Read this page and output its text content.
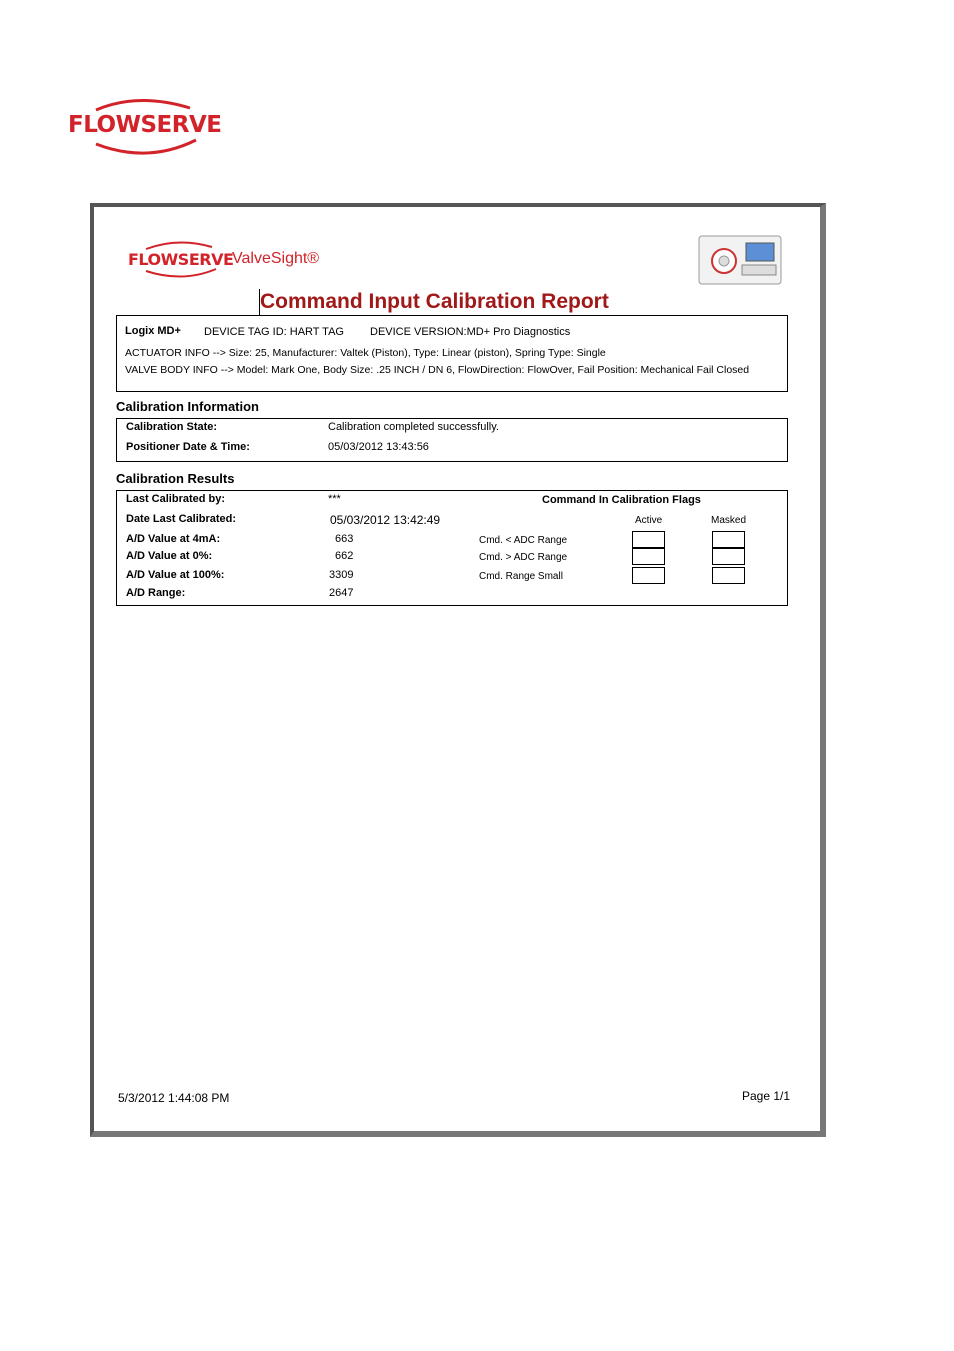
FLOWSERVE
FLOWSERVE
ValveSight®
Command Input Calibration Report
Logix MD+ DEVICE TAG ID: HART TAG DEVICE VERSION:MD+ Pro Diagnostics
ACTUATOR INFO --> Size: 25, Manufacturer: Valtek (Piston), Type: Linear (piston), Spring Type: Single
VALVE BODY INFO --> Model: Mark One, Body Size: .25 INCH / DN 6, FlowDirection: FlowOver, Fail Position: Mechanical Fail Closed
Calibration Information
Calibration State:	Calibration completed successfully.
Positioner Date & Time:	05/03/2012 13:43:56
Calibration Results
Last Calibrated by:	***
Date Last Calibrated:	05/03/2012 13:42:49
A/D Value at 4mA:	663
A/D Value at 0%:	662
A/D Value at 100%:	3309
A/D Range:	2647
Command In Calibration Flags
Active	Masked
Cmd. < ADC Range
Cmd. > ADC Range
Cmd. Range Small
5/3/2012 1:44:08 PM	Page 1/1
